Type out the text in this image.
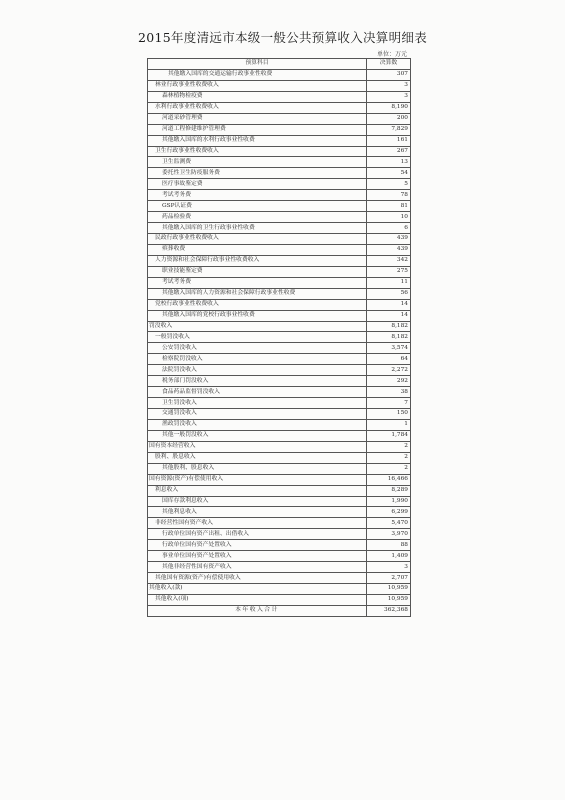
2015年度清远市本级一般公共预算收入决算明细表
单位：万元
预算科目	决算数
其他缴入国库的交通运输行政事业性收费	307
林业行政事业性收费收入	3
森林植物检疫费	3
水利行政事业性收费收入	8,190
河道采砂管理费	200
河道工程修建维护管理费	7,829
其他缴入国库的水利行政事业性收费	161
卫生行政事业性收费收入	267
卫生监测费	13
委托性卫生防疫服务费	54
医疗事故鉴定费	5
考试考务费	78
GSP认证费	81
药品检验费	10
其他缴入国库的卫生行政事业性收费	6
民政行政事业性收费收入	439
殡葬收费	439
人力资源和社会保障行政事业性收费收入	342
职业技能鉴定费	275
考试考务费	11
其他缴入国库的人力资源和社会保障行政事业性收费	56
党校行政事业性收费收入	14
其他缴入国库的党校行政事业性收费	14
罚没收入	8,182
一般罚没收入	8,182
公安罚没收入	3,574
检察院罚没收入	64
法院罚没收入	2,272
税务部门罚没收入	292
食品药品监督罚没收入	38
卫生罚没收入	7
交通罚没收入	150
渔政罚没收入	1
其他一般罚没收入	1,784
国有资本经营收入	2
股利、股息收入	2
其他股利、股息收入	2
国有资源(资产)有偿使用收入	16,466
利息收入	8,289
国库存款利息收入	1,990
其他利息收入	6,299
非经营性国有资产收入	5,470
行政单位国有资产出租、出借收入	3,970
行政单位国有资产处置收入	88
事业单位国有资产处置收入	1,409
其他非经营性国有资产收入	3
其他国有资源(资产)有偿使用收入	2,707
其他收入(款)	10,959
其他收入(项)	10,959
本年收入合计	362,368
